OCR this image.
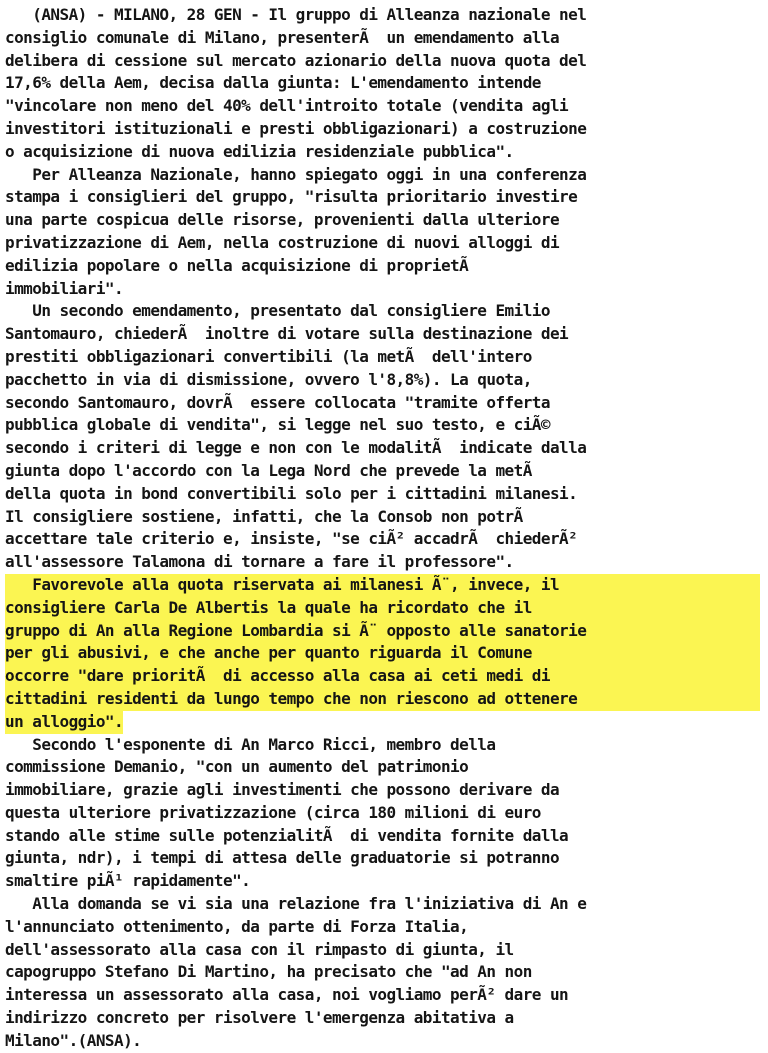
(ANSA) - MILANO, 28 GEN - Il gruppo di Alleanza nazionale nel
consiglio comunale di Milano, presenterÃ  un emendamento alla
delibera di cessione sul mercato azionario della nuova quota del
17,6% della Aem, decisa dalla giunta: L'emendamento intende
"vincolare non meno del 40% dell'introito totale (vendita agli
investitori istituzionali e presti obbligazionari) a costruzione
o acquisizione di nuova edilizia residenziale pubblica".
Per Alleanza Nazionale, hanno spiegato oggi in una conferenza
stampa i consiglieri del gruppo, "risulta prioritario investire
una parte cospicua delle risorse, provenienti dalla ulteriore
privatizzazione di Aem, nella costruzione di nuovi alloggi di
edilizia popolare o nella acquisizione di proprietÃ
immobiliari".
Un secondo emendamento, presentato dal consigliere Emilio
Santomauro, chiederÃ  inoltre di votare sulla destinazione dei
prestiti obbligazionari convertibili (la metÃ  dell'intero
pacchetto in via di dismissione, ovvero l'8,8%). La quota,
secondo Santomauro, dovrÃ  essere collocata "tramite offerta
pubblica globale di vendita", si legge nel suo testo, e ciÃ©
secondo i criteri di legge e non con le modalitÃ  indicate dalla
giunta dopo l'accordo con la Lega Nord che prevede la metÃ
della quota in bond convertibili solo per i cittadini milanesi.
Il consigliere sostiene, infatti, che la Consob non potrÃ
accettare tale criterio e, insiste, "se ciÃ² accadrÃ  chiederÃ²
all'assessore Talamona di tornare a fare il professore".
Favorevole alla quota riservata ai milanesi Ã¨, invece, il
consigliere Carla De Albertis la quale ha ricordato che il
gruppo di An alla Regione Lombardia si Ã¨ opposto alle sanatorie
per gli abusivi, e che anche per quanto riguarda il Comune
occorre "dare prioritÃ  di accesso alla casa ai ceti medi di
cittadini residenti da lungo tempo che non riescono ad ottenere
un alloggio".
Secondo l'esponente di An Marco Ricci, membro della
commissione Demanio, "con un aumento del patrimonio
immobiliare, grazie agli investimenti che possono derivare da
questa ulteriore privatizzazione (circa 180 milioni di euro
stando alle stime sulle potenzialitÃ  di vendita fornite dalla
giunta, ndr), i tempi di attesa delle graduatorie si potranno
smaltire piÃ¹ rapidamente".
Alla domanda se vi sia una relazione fra l'iniziativa di An e
l'annunciato ottenimento, da parte di Forza Italia,
dell'assessorato alla casa con il rimpasto di giunta, il
capogruppo Stefano Di Martino, ha precisato che "ad An non
interessa un assessorato alla casa, noi vogliamo perÃ² dare un
indirizzo concreto per risolvere l'emergenza abitativa a
Milano".(ANSA).
